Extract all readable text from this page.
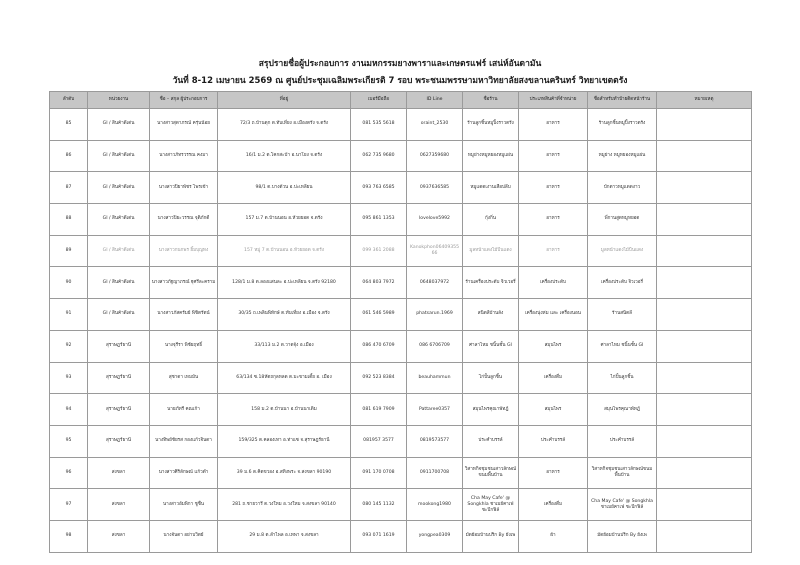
สรุปรายชื่อผู้ประกอบการ งานมหกรรมยางพาราและเกษตรแฟร์ เสน่ห์อันดามัน
วันที่ 8-12 เมษายน 2569 ณ ศูนย์ประชุมเฉลิมพระเกียรติ 7 รอบ พระชนมพรรษามหาวิทยาลัยสงขลานครินทร์ วิทยาเขตตรัง
ลำดับ	หน่วยงาน	ชื่อ – สกุล ผู้ประกอบการ	ที่อยู่	เบอร์มือถือ	ID Line	ชื่อร้าน	ประเภทสินค้าที่จำหน่าย	ชื่อสำหรับทำป้ายติดหน้าร้าน	หมายเหตุ
85	GI / สินค้าดีเด่น	นางสาวสุดาภรณ์ ครุ่นน้อย	72/3 ถ.บ้านดุก ต.ทับเที่ยง อ.เมืองตรัง จ.ตรัง	081 535 5618	oraint_2530	ร้านลูกชิ้นหมูปิ้งราวตรัง	อาหาร	ร้านลูกชิ้นหมูปิ้งราวตรัง	
86	GI / สินค้าดีเด่น	นางสาวภัทรวรรณ คงมา	16/1 ม.2 ต.โคกสะบ้า อ.นาโยง จ.ตรัง	062 735 9680	0627359680	หมูย่างหมูหยองหมูแผ่น	อาหาร	หมูย่าง หมูหยองหมูแผ่น	
87	GI / สินค้าดีเด่น	นางสาวปิยาพัชร ไพรเข้า	98/1 ต.บางด้วน อ.ปะเหลียน	093 763 6585	0937636585	หมูแดดเงานเสือปลีบ	อาหาร	บักตาวหมูแดดงาว	
88	GI / สินค้าดีเด่น	นางสาวปิยะวรรณ จุติภักดี	157 ม.7 ต.บ้านนอน อ.ห้วยยอด จ.ตรัง	095 861 1353	lovelove5992	กุ้งกิ่น	อาหาร	พี่กานสูดหมูหยอด	
89	GI / สินค้าดีเด่น	นางสาวกนกพร ยิ้มบุญทง	157 หมู่ 7 ต.บ้านนอน อ.ห้วยยอด จ.ตรัง	099 361 2088	Kanokphon06409355 66	มูลหน้าแดงไม้ปีนแดง	อาหาร	มูลหน้าแดงไม้ปีนแดง	
90	GI / สินค้าดีเด่น	นางสาวภัฐญาภรณ์ ฐุศรีละคราม	128/1 ม.8 ต.ลองแสนละ อ.ปะเหลียน จ.ตรัง 92180	064 803 7972	0648037972	ร้านเครื่องประดับ จิวเวอรี่	เครื่องประดับ	เครื่องประดับ จิวเวอรี่	
91	GI / สินค้าดีเด่น	นางสาวภัสครัมย์ พิชิตรัตน์	30/35 ถ.เพลินพิทักษ์ ต.ทับเที่ยง อ.เมือง จ.ตรัง	061 546 5989	phatsarun.1969	สนิตลีบ้านลัง	เครื่องนุ่งห่ม และ เครื่องนอน	ร้านสนิตลี	
92	สุราษฎร์ธานี	นางจุรีรา พิชัยฤทธิ์	33/113 ม.2 ต.วาดจุ้ง อ.เมือง	086 470 6709	086 6706709	ศาลาไหม ชนิ้นชั้น GI	สมุนไพร	ศาลาไหม ชนิ้นชั้น GI	
93	สุราษฎร์ธานี	สุชาดา เหมมัน	63/134 ซ.18หัตถกุลหลด ต.มะขามเตี้ย อ. เมือง	092 523 8384	beauhammun	ไก่ปั้นลูกชิ้น	เครื่องดื่ม	ไก่ปั้นลูกชิ้น	
94	สุราษฎร์ธานี	นายภัทรี คณเก้า	158 ม.2 ต.บ้านนา อ.บ้านนาเดิม	081 619 7909	Pattaree0357	สมุนไพรคุณาพัทฎ์	สมุนไพร	สมุนไพรคุณาพัทฎ์	
95	สุราษฎร์ธานี	นางทิพย์ชัยรส กองแก้วจินดา	159/325 ต.คลองเทา อ.ท่าแซ จ.สุราษฎร์ธานี	081957 3577	0819573577	ประคำบรรล์	ประคำบรรล์	ประคำบรรล์	
96	สงขลา	นางสาวศิริลักษณ์ แก้วดำ	39 ม.6 ต.คิดขวอง อ.สทิงพระ จ.สงขลา 90190	091 170 0708	0911700708	วิสาหกิจชุมชนเสาวลักษณ์ขนมพื้นบ้าน	อาหาร	วิสาหกิจชุมชนเสาวลักษณ์ขนมพื้นบ้าน	
97	สงขลา	นางสาวอัมพิกา ชูชื่น	281 ถ.ชายวารี ต.วงใหม อ.วงใหม จ.สงขลา 90140	080 145 1132	mookong1980	Cha May Cafe' @ Songkhla ชาเมย์คาเฟ่ ชะปีกฟิล์	เครื่องดื่ม	Cha May Cafe' @ Songkhla ชาเมย์คาเฟ่ ชะปีกฟิล์	
98	สงขลา	นางจันดา อย่าบวิตย์	29 ม.8 ต.ลำไพล อ.เทพา จ.สงขลา	093 071 1619	yongpea0309	มัดย้อมบ้านปริก By ยังเพ	ผ้า	มัดย้อมบ้านปริก By ยังเพ	
